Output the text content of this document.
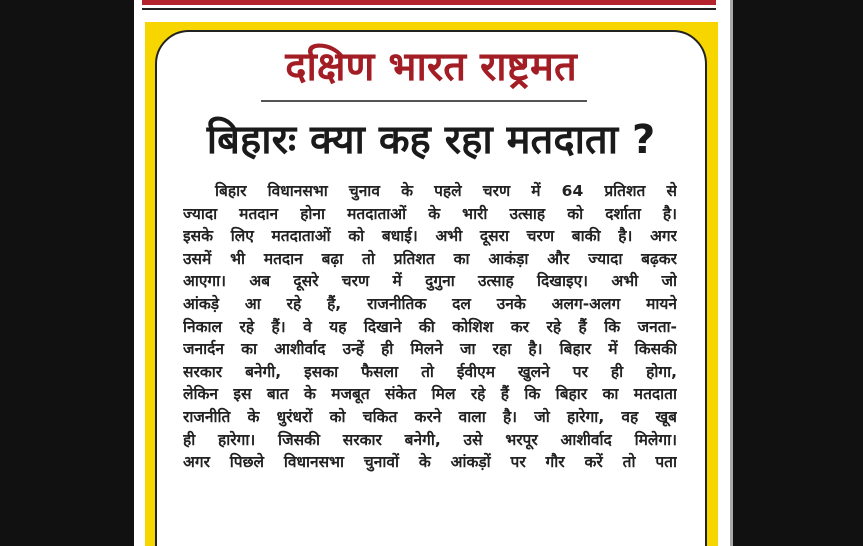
दक्षिण भारत राष्ट्रमत
बिहारः क्या कह रहा मतदाता ?
बिहार विधानसभा चुनाव के पहले चरण में 64 प्रतिशत से
ज्यादा मतदान होना मतदाताओं के भारी उत्साह को दर्शाता है।
इसके लिए मतदाताओं को बधाई। अभी दूसरा चरण बाकी है। अगर
उसमें भी मतदान बढ़ा तो प्रतिशत का आकंड़ा और ज्यादा बढ़कर
आएगा। अब दूसरे चरण में दुगुना उत्साह दिखाइए। अभी जो
आंकड़े आ रहे हैं, राजनीतिक दल उनके अलग-अलग मायने
निकाल रहे हैं। वे यह दिखाने की कोशिश कर रहे हैं कि जनता-
जनार्दन का आशीर्वाद उन्हें ही मिलने जा रहा है। बिहार में किसकी
सरकार बनेगी, इसका फैसला तो ईवीएम खुलने पर ही होगा,
लेकिन इस बात के मजबूत संकेत मिल रहे हैं कि बिहार का मतदाता
राजनीति के धुरंधरों को चकित करने वाला है। जो हारेगा, वह खूब
ही हारेगा। जिसकी सरकार बनेगी, उसे भरपूर आशीर्वाद मिलेगा।
अगर पिछले विधानसभा चुनावों के आंकड़ों पर गौर करें तो पता
